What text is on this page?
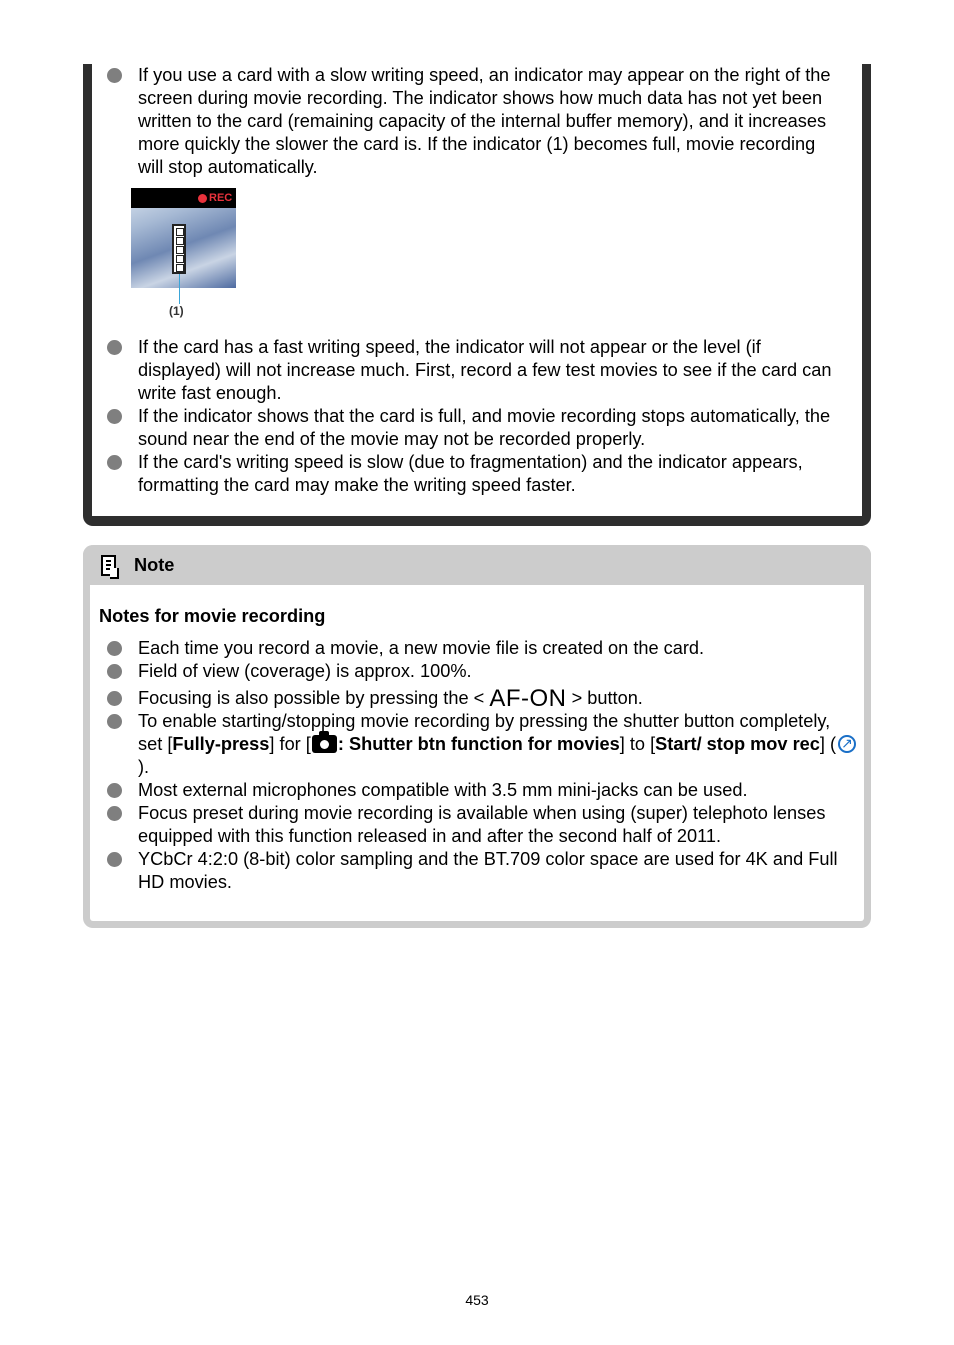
If you use a card with a slow writing speed, an indicator may appear on the right of the screen during movie recording. The indicator shows how much data has not yet been written to the card (remaining capacity of the internal buffer memory), and it increases more quickly the slower the card is. If the indicator (1) becomes full, movie recording will stop automatically.
REC
(1)
If the card has a fast writing speed, the indicator will not appear or the level (if displayed) will not increase much. First, record a few test movies to see if the card can write fast enough.
If the indicator shows that the card is full, and movie recording stops automatically, the sound near the end of the movie may not be recorded properly.
If the card's writing speed is slow (due to fragmentation) and the indicator appears, formatting the card may make the writing speed faster.
Note
Notes for movie recording
Each time you record a movie, a new movie file is created on the card.
Field of view (coverage) is approx. 100%.
Focusing is also possible by pressing the < AF-ON > button.
To enable starting/stopping movie recording by pressing the shutter button completely, set [Fully-press] for [ : Shutter btn function for movies] to [Start/ stop mov rec] (↗).
Most external microphones compatible with 3.5 mm mini-jacks can be used.
Focus preset during movie recording is available when using (super) telephoto lenses equipped with this function released in and after the second half of 2011.
YCbCr 4:2:0 (8-bit) color sampling and the BT.709 color space are used for 4K and Full HD movies.
453
